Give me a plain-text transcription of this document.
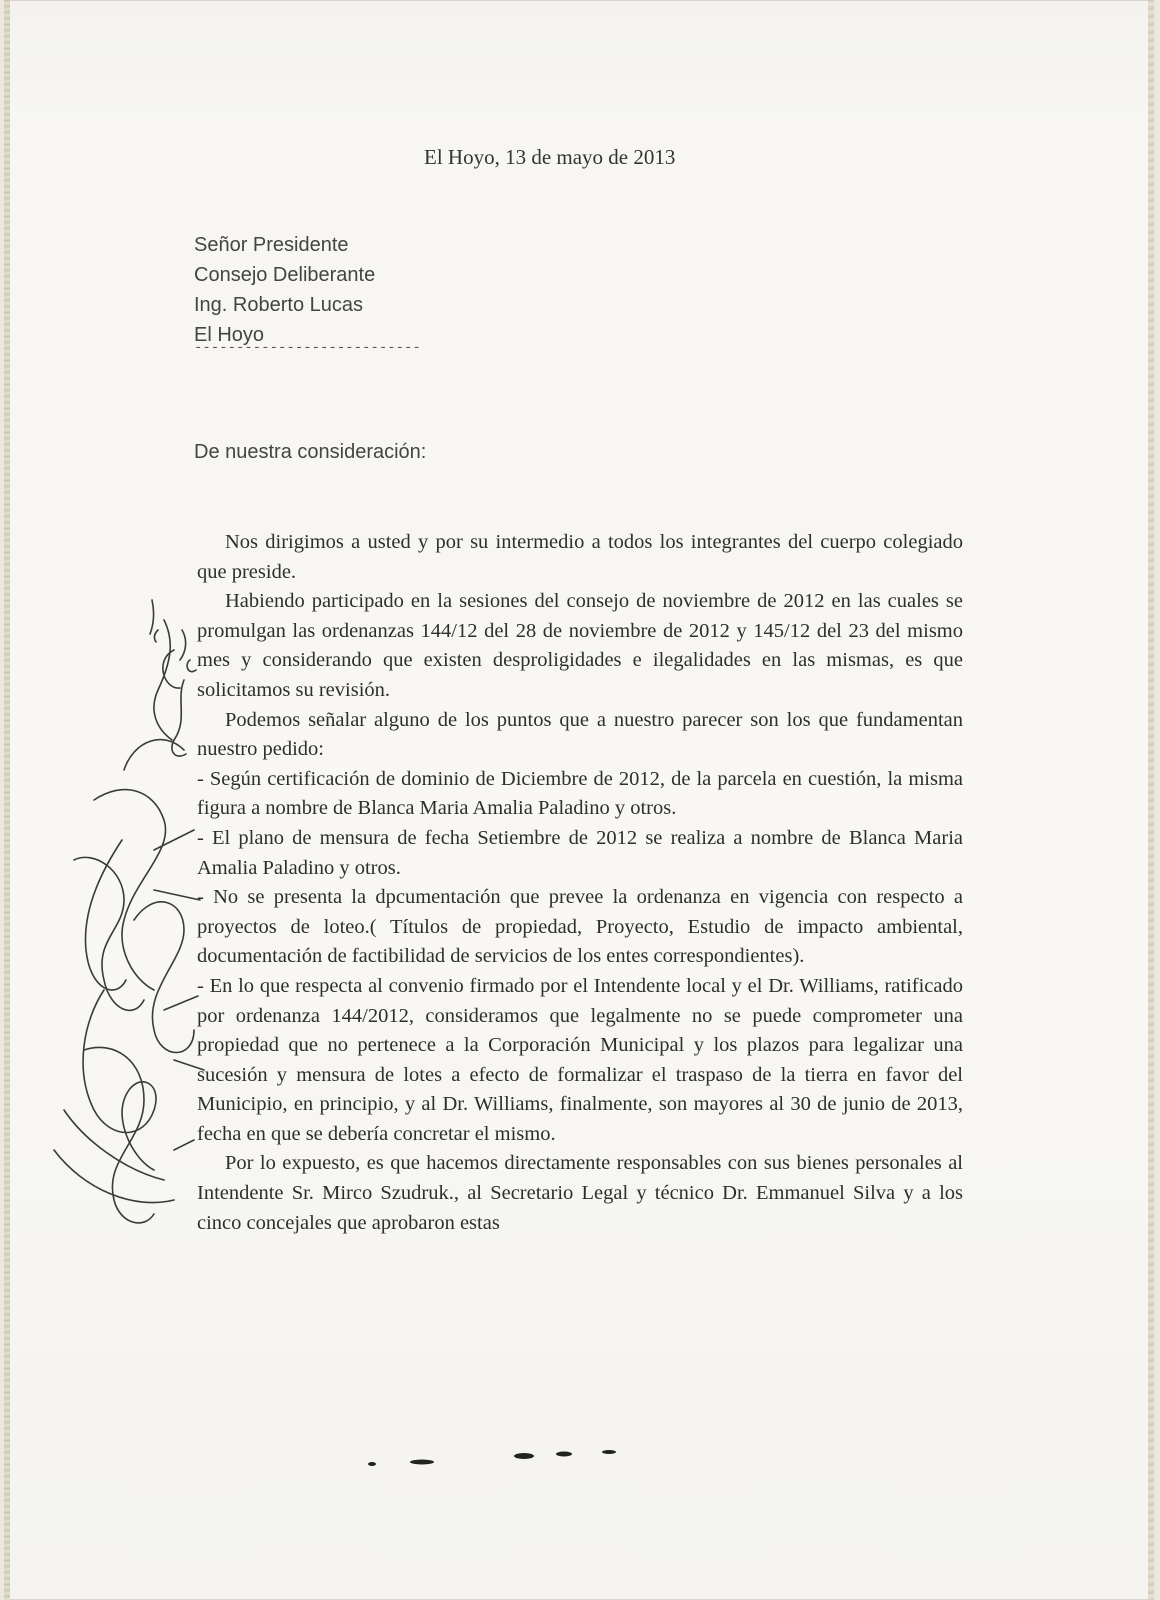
El Hoyo, 13 de mayo de 2013
Señor Presidente
Consejo Deliberante
Ing. Roberto Lucas
El Hoyo
---------------------------
De nuestra consideración:

Nos dirigimos a usted y por su intermedio a todos los integrantes del cuerpo colegiado que preside.

Habiendo participado en la sesiones del consejo de noviembre de 2012 en las cuales se promulgan las ordenanzas 144/12 del 28 de noviembre de 2012 y 145/12 del 23 del mismo mes y considerando que existen desproligidades e ilegalidades en las mismas, es que solicitamos su revisión.

Podemos señalar alguno de los puntos que a nuestro parecer son los que fundamentan nuestro pedido:

- Según certificación de dominio de Diciembre de 2012, de la parcela en cuestión, la misma figura a nombre de Blanca Maria Amalia Paladino y otros.

- El plano de mensura de fecha Setiembre de 2012 se realiza a nombre de Blanca Maria Amalia Paladino y otros.

- No se presenta la dpcumentación que prevee la ordenanza en vigencia con respecto a proyectos de loteo.( Títulos de propiedad, Proyecto, Estudio de impacto ambiental, documentación de factibilidad de servicios de los entes correspondientes).

- En lo que respecta al convenio firmado por el Intendente local y el Dr. Williams, ratificado por ordenanza 144/2012, consideramos que legalmente no se puede comprometer una propiedad que no pertenece a la Corporación Municipal y los plazos para legalizar una sucesión y mensura de lotes a efecto de formalizar el traspaso de la tierra en favor del Municipio, en principio, y al Dr. Williams, finalmente, son mayores al 30 de junio de 2013, fecha en que se debería concretar el mismo.

Por lo expuesto, es que hacemos directamente responsables con sus bienes personales al Intendente Sr. Mirco Szudruk., al Secretario Legal y técnico Dr. Emmanuel Silva y a los cinco concejales que aprobaron estas
